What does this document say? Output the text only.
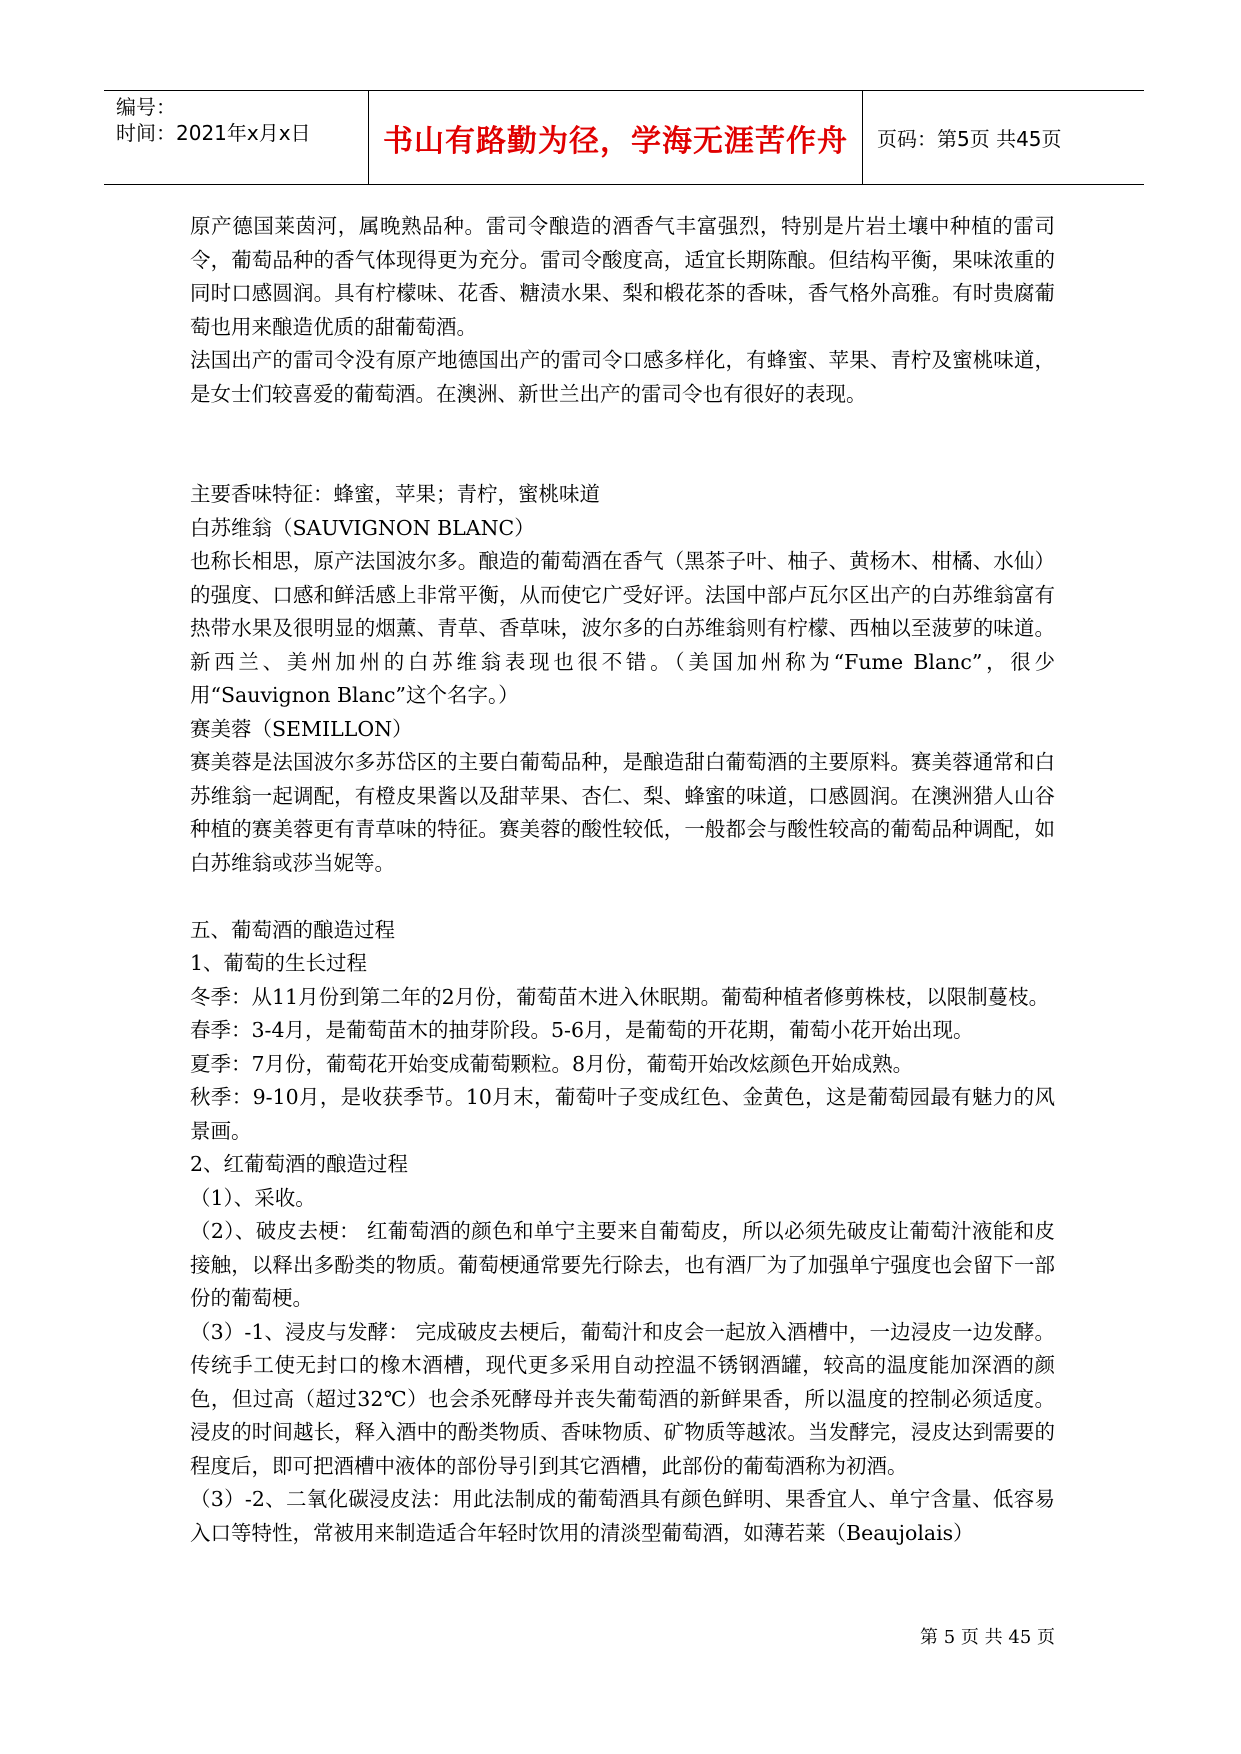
编号：
时间：2021年x月x日 书山有路勤为径，学海无涯苦作舟 页码：第5页 共45页

原产德国莱茵河，属晚熟品种。雷司令酿造的酒香气丰富强烈，特别是片岩土壤中种植的雷司令，葡萄品种的香气体现得更为充分。雷司令酸度高，适宜长期陈酿。但结构平衡，果味浓重的同时口感圆润。具有柠檬味、花香、糖渍水果、梨和椴花茶的香味，香气格外高雅。有时贵腐葡萄也用来酿造优质的甜葡萄酒。

法国出产的雷司令没有原产地德国出产的雷司令口感多样化，有蜂蜜、苹果、青柠及蜜桃味道，是女士们较喜爱的葡萄酒。在澳洲、新世兰出产的雷司令也有很好的表现。

主要香味特征：蜂蜜，苹果；青柠，蜜桃味道

白苏维翁（SAUVIGNON BLANC）

也称长相思，原产法国波尔多。酿造的葡萄酒在香气（黑茶子叶、柚子、黄杨木、柑橘、水仙）的强度、口感和鲜活感上非常平衡，从而使它广受好评。法国中部卢瓦尔区出产的白苏维翁富有热带水果及很明显的烟薰、青草、香草味，波尔多的白苏维翁则有柠檬、西柚以至菠萝的味道。新西兰、美州加州的白苏维翁表现也很不错。（美国加州称为“Fume Blanc”，很少用“Sauvignon Blanc”这个名字。）

赛美蓉（SEMILLON）

赛美蓉是法国波尔多苏岱区的主要白葡萄品种，是酿造甜白葡萄酒的主要原料。赛美蓉通常和白苏维翁一起调配，有橙皮果酱以及甜苹果、杏仁、梨、蜂蜜的味道，口感圆润。在澳洲猎人山谷种植的赛美蓉更有青草味的特征。赛美蓉的酸性较低，一般都会与酸性较高的葡萄品种调配，如白苏维翁或莎当妮等。

五、葡萄酒的酿造过程

1、葡萄的生长过程

冬季：从11月份到第二年的2月份，葡萄苗木进入休眠期。葡萄种植者修剪株枝，以限制蔓枝。

春季：3-4月，是葡萄苗木的抽芽阶段。5-6月，是葡萄的开花期，葡萄小花开始出现。

夏季：7月份，葡萄花开始变成葡萄颗粒。8月份，葡萄开始改炫颜色开始成熟。

秋季：9-10月，是收获季节。10月末，葡萄叶子变成红色、金黄色，这是葡萄园最有魅力的风景画。

2、红葡萄酒的酿造过程

（1）、采收。

（2）、破皮去梗： 红葡萄酒的颜色和单宁主要来自葡萄皮，所以必须先破皮让葡萄汁液能和皮接触，以释出多酚类的物质。葡萄梗通常要先行除去，也有酒厂为了加强单宁强度也会留下一部份的葡萄梗。

（3）-1、浸皮与发酵： 完成破皮去梗后，葡萄汁和皮会一起放入酒槽中，一边浸皮一边发酵。传统手工使无封口的橡木酒槽，现代更多采用自动控温不锈钢酒罐，较高的温度能加深酒的颜色，但过高（超过32℃）也会杀死酵母并丧失葡萄酒的新鲜果香，所以温度的控制必须适度。浸皮的时间越长，释入酒中的酚类物质、香味物质、矿物质等越浓。当发酵完，浸皮达到需要的程度后，即可把酒槽中液体的部份导引到其它酒槽，此部份的葡萄酒称为初酒。

（3）-2、二氧化碳浸皮法：用此法制成的葡萄酒具有颜色鲜明、果香宜人、单宁含量、低容易入口等特性，常被用来制造适合年轻时饮用的清淡型葡萄酒，如薄若莱（Beaujolais）

第 5 页 共 45 页
